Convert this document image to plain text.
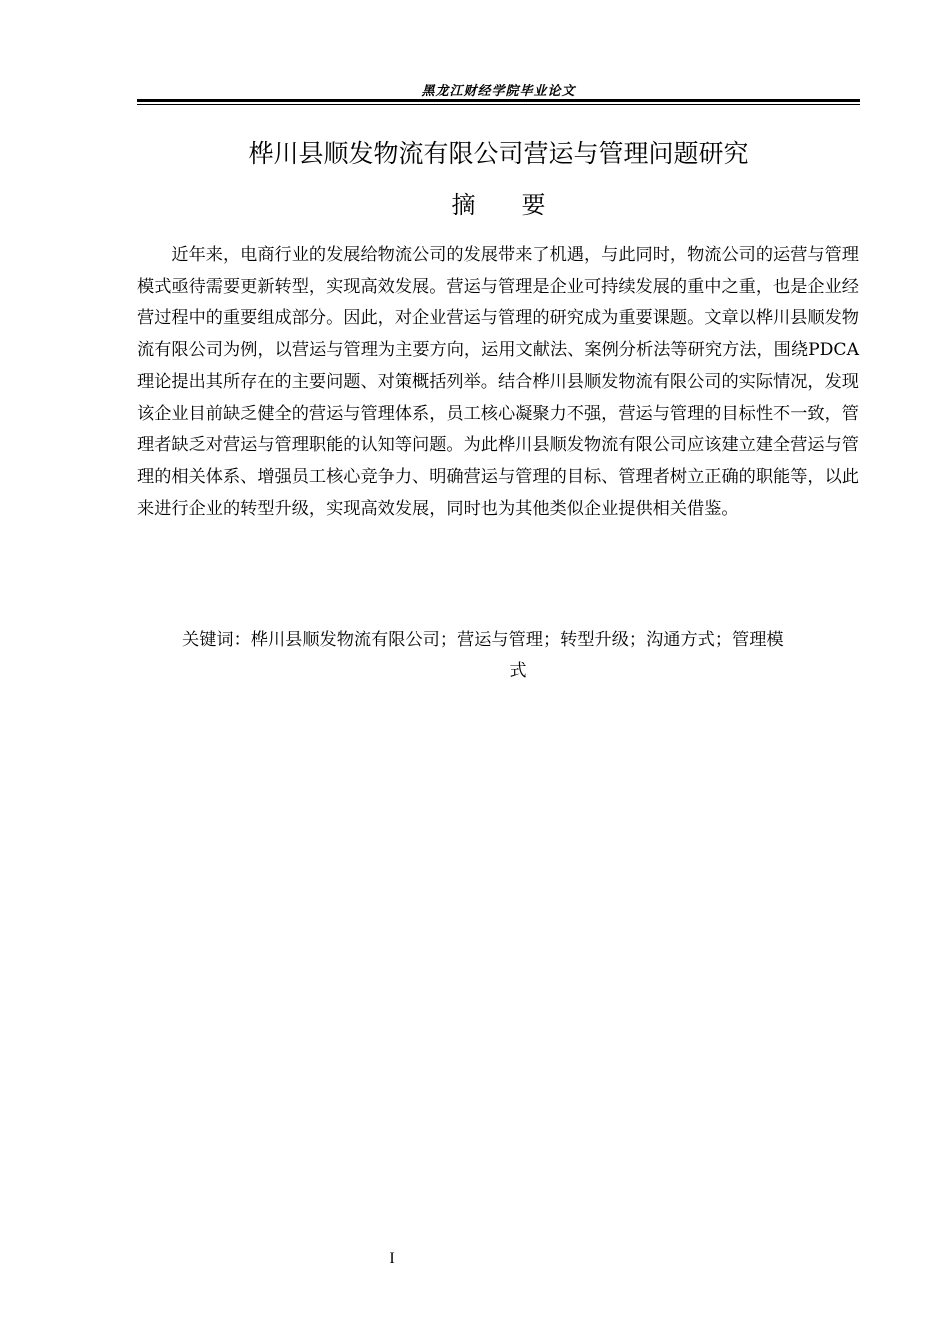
黑龙江财经学院毕业论文
桦川县顺发物流有限公司营运与管理问题研究
摘要

近年来，电商行业的发展给物流公司的发展带来了机遇，与此同时，物流公司的运营与管理模式亟待需要更新转型，实现高效发展。营运与管理是企业可持续发展的重中之重，也是企业经营过程中的重要组成部分。因此，对企业营运与管理的研究成为重要课题。文章以桦川县顺发物流有限公司为例，以营运与管理为主要方向，运用文献法、案例分析法等研究方法，围绕PDCA理论提出其所存在的主要问题、对策概括列举。结合桦川县顺发物流有限公司的实际情况，发现该企业目前缺乏健全的营运与管理体系，员工核心凝聚力不强，营运与管理的目标性不一致，管理者缺乏对营运与管理职能的认知等问题。为此桦川县顺发物流有限公司应该建立建全营运与管理的相关体系、增强员工核心竞争力、明确营运与管理的目标、管理者树立正确的职能等，以此来进行企业的转型升级，实现高效发展，同时也为其他类似企业提供相关借鉴。

关键词：桦川县顺发物流有限公司；营运与管理；转型升级；沟通方式；管理模
式

I
